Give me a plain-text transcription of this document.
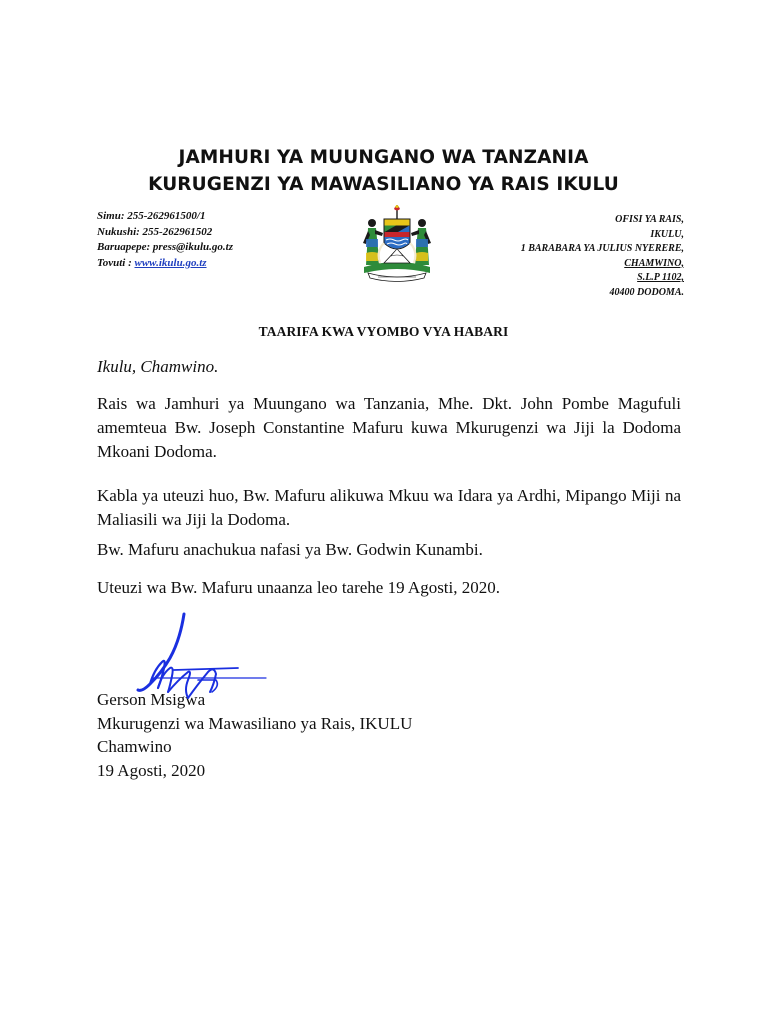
JAMHURI YA MUUNGANO WA TANZANIA
KURUGENZI YA MAWASILIANO YA RAIS IKULU
Simu: 255-262961500/1
Nukushi: 255-262961502
Baruapepe: press@ikulu.go.tz
Tovuti : www.ikulu.go.tz
OFISI YA RAIS,
IKULU,
1 BARABARA YA JULIUS NYERERE,
CHAMWINO,
S.L.P 1102,
40400 DODOMA.
TAARIFA KWA VYOMBO VYA HABARI
Ikulu, Chamwino.
Rais wa Jamhuri ya Muungano wa Tanzania, Mhe. Dkt. John Pombe Magufuli amemteua Bw. Joseph Constantine Mafuru kuwa Mkurugenzi wa Jiji la Dodoma Mkoani Dodoma.
Kabla ya uteuzi huo, Bw. Mafuru alikuwa Mkuu wa Idara ya Ardhi, Mipango Miji na Maliasili wa Jiji la Dodoma.
Bw. Mafuru anachukua nafasi ya Bw. Godwin Kunambi.
Uteuzi wa Bw. Mafuru unaanza leo tarehe 19 Agosti, 2020.
Gerson Msigwa
Mkurugenzi wa Mawasiliano ya Rais, IKULU
Chamwino
19 Agosti, 2020
